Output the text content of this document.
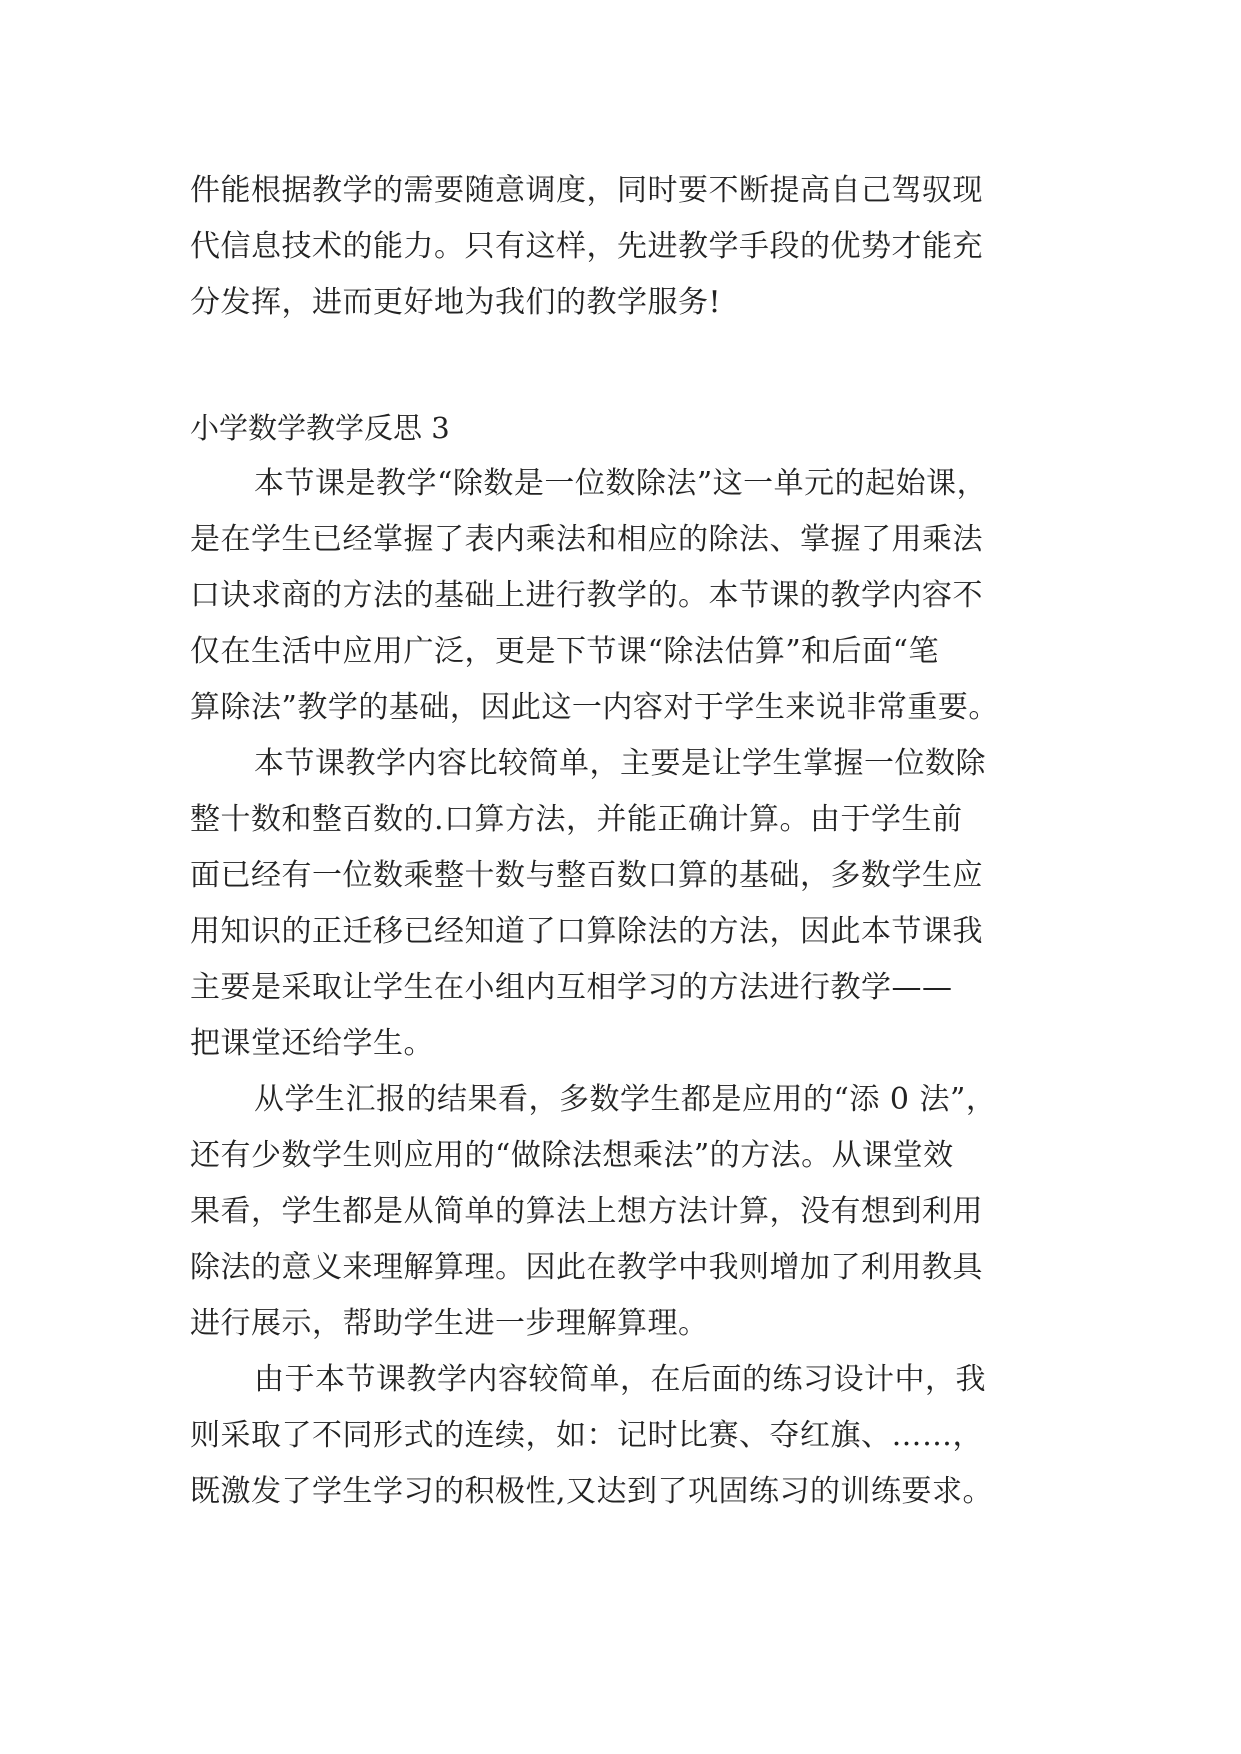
件能根据教学的需要随意调度，同时要不断提高自己驾驭现
代信息技术的能力。只有这样，先进教学手段的优势才能充
分发挥，进而更好地为我们的教学服务!
小学数学教学反思 3
本节课是教学“除数是一位数除法”这一单元的起始课，
是在学生已经掌握了表内乘法和相应的除法、掌握了用乘法
口诀求商的方法的基础上进行教学的。本节课的教学内容不
仅在生活中应用广泛，更是下节课“除法估算”和后面“笔
算除法”教学的基础，因此这一内容对于学生来说非常重要。
本节课教学内容比较简单，主要是让学生掌握一位数除
整十数和整百数的.口算方法，并能正确计算。由于学生前
面已经有一位数乘整十数与整百数口算的基础，多数学生应
用知识的正迁移已经知道了口算除法的方法，因此本节课我
主要是采取让学生在小组内互相学习的方法进行教学——
把课堂还给学生。
从学生汇报的结果看，多数学生都是应用的“添 0 法”，
还有少数学生则应用的“做除法想乘法”的方法。从课堂效
果看，学生都是从简单的算法上想方法计算，没有想到利用
除法的意义来理解算理。因此在教学中我则增加了利用教具
进行展示，帮助学生进一步理解算理。
由于本节课教学内容较简单，在后面的练习设计中，我
则采取了不同形式的连续，如：记时比赛、夺红旗、……，
既激发了学生学习的积极性,又达到了巩固练习的训练要求。
